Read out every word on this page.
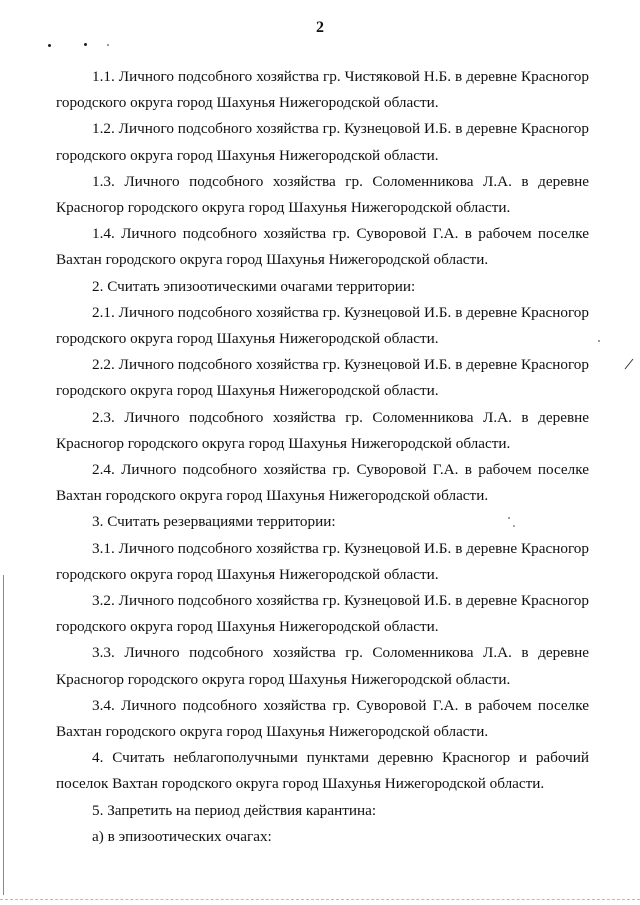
2

1.1. Личного подсобного хозяйства гр. Чистяковой Н.Б. в деревне Красногор городского округа город Шахунья Нижегородской области.

1.2. Личного подсобного хозяйства гр. Кузнецовой И.Б. в деревне Красногор городского округа город Шахунья Нижегородской области.

1.3. Личного подсобного хозяйства гр. Соломенникова Л.А. в деревне Красногор городского округа город Шахунья Нижегородской области.

1.4. Личного подсобного хозяйства гр. Суворовой Г.А. в рабочем поселке Вахтан городского округа город Шахунья Нижегородской области.

2. Считать эпизоотическими очагами территории:

2.1. Личного подсобного хозяйства гр. Кузнецовой И.Б. в деревне Красногор городского округа город Шахунья Нижегородской области.

2.2. Личного подсобного хозяйства гр. Кузнецовой И.Б. в деревне Красногор городского округа город Шахунья Нижегородской области.

2.3. Личного подсобного хозяйства гр. Соломенникова Л.А. в деревне Красногор городского округа город Шахунья Нижегородской области.

2.4. Личного подсобного хозяйства гр. Суворовой Г.А. в рабочем поселке Вахтан городского округа город Шахунья Нижегородской области.

3. Считать резервациями территории:

3.1. Личного подсобного хозяйства гр. Кузнецовой И.Б. в деревне Красногор городского округа город Шахунья Нижегородской области.

3.2. Личного подсобного хозяйства гр. Кузнецовой И.Б. в деревне Красногор городского округа город Шахунья Нижегородской области.

3.3. Личного подсобного хозяйства гр. Соломенникова Л.А. в деревне Красногор городского округа город Шахунья Нижегородской области.

3.4. Личного подсобного хозяйства гр. Суворовой Г.А. в рабочем поселке Вахтан городского округа город Шахунья Нижегородской области.

4. Считать неблагополучными пунктами деревню Красногор и рабочий поселок Вахтан городского округа город Шахунья Нижегородской области.

5. Запретить на период действия карантина:

а) в эпизоотических очагах:
